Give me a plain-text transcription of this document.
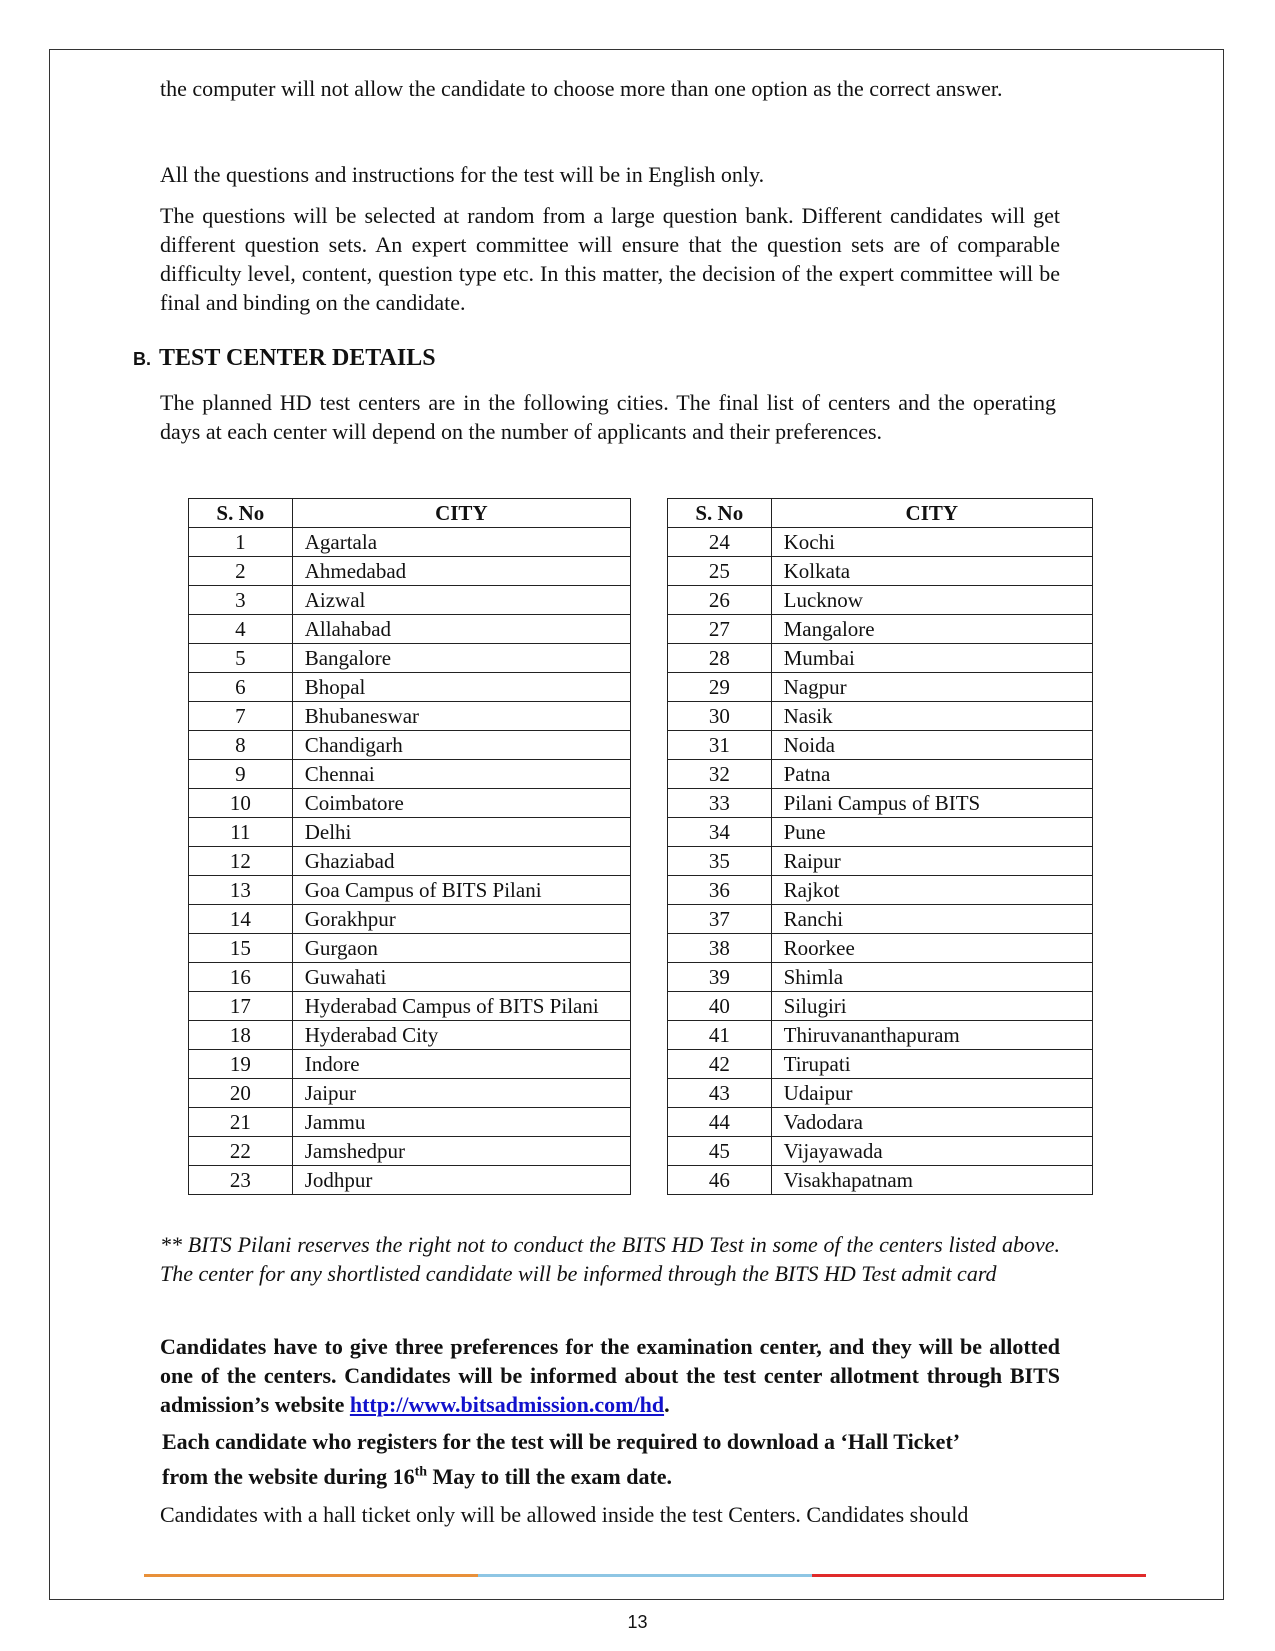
the computer will not allow the candidate to choose more than one option as the correct answer.

All the questions and instructions for the test will be in English only.

The questions will be selected at random from a large question bank. Different candidates will get different question sets. An expert committee will ensure that the question sets are of comparable difficulty level, content, question type etc. In this matter, the decision of the expert committee will be final and binding on the candidate.

B. TEST CENTER DETAILS

The planned HD test centers are in the following cities. The final list of centers and the operating days at each center will depend on the number of applicants and their preferences.

S. No	CITY
1	Agartala
2	Ahmedabad
3	Aizwal
4	Allahabad
5	Bangalore
6	Bhopal
7	Bhubaneswar
8	Chandigarh
9	Chennai
10	Coimbatore
11	Delhi
12	Ghaziabad
13	Goa Campus of BITS Pilani
14	Gorakhpur
15	Gurgaon
16	Guwahati
17	Hyderabad Campus of BITS Pilani
18	Hyderabad City
19	Indore
20	Jaipur
21	Jammu
22	Jamshedpur
23	Jodhpur
S. No	CITY
24	Kochi
25	Kolkata
26	Lucknow
27	Mangalore
28	Mumbai
29	Nagpur
30	Nasik
31	Noida
32	Patna
33	Pilani Campus of BITS
34	Pune
35	Raipur
36	Rajkot
37	Ranchi
38	Roorkee
39	Shimla
40	Silugiri
41	Thiruvananthapuram
42	Tirupati
43	Udaipur
44	Vadodara
45	Vijayawada
46	Visakhapatnam

** BITS Pilani reserves the right not to conduct the BITS HD Test in some of the centers listed above. The center for any shortlisted candidate will be informed through the BITS HD Test admit card

Candidates have to give three preferences for the examination center, and they will be allotted one of the centers. Candidates will be informed about the test center allotment through BITS admission’s website http://www.bitsadmission.com/hd.

Each candidate who registers for the test will be required to download a ‘Hall Ticket’
from the website during 16th May to till the exam date.

Candidates with a hall ticket only will be allowed inside the test Centers. Candidates should

13
